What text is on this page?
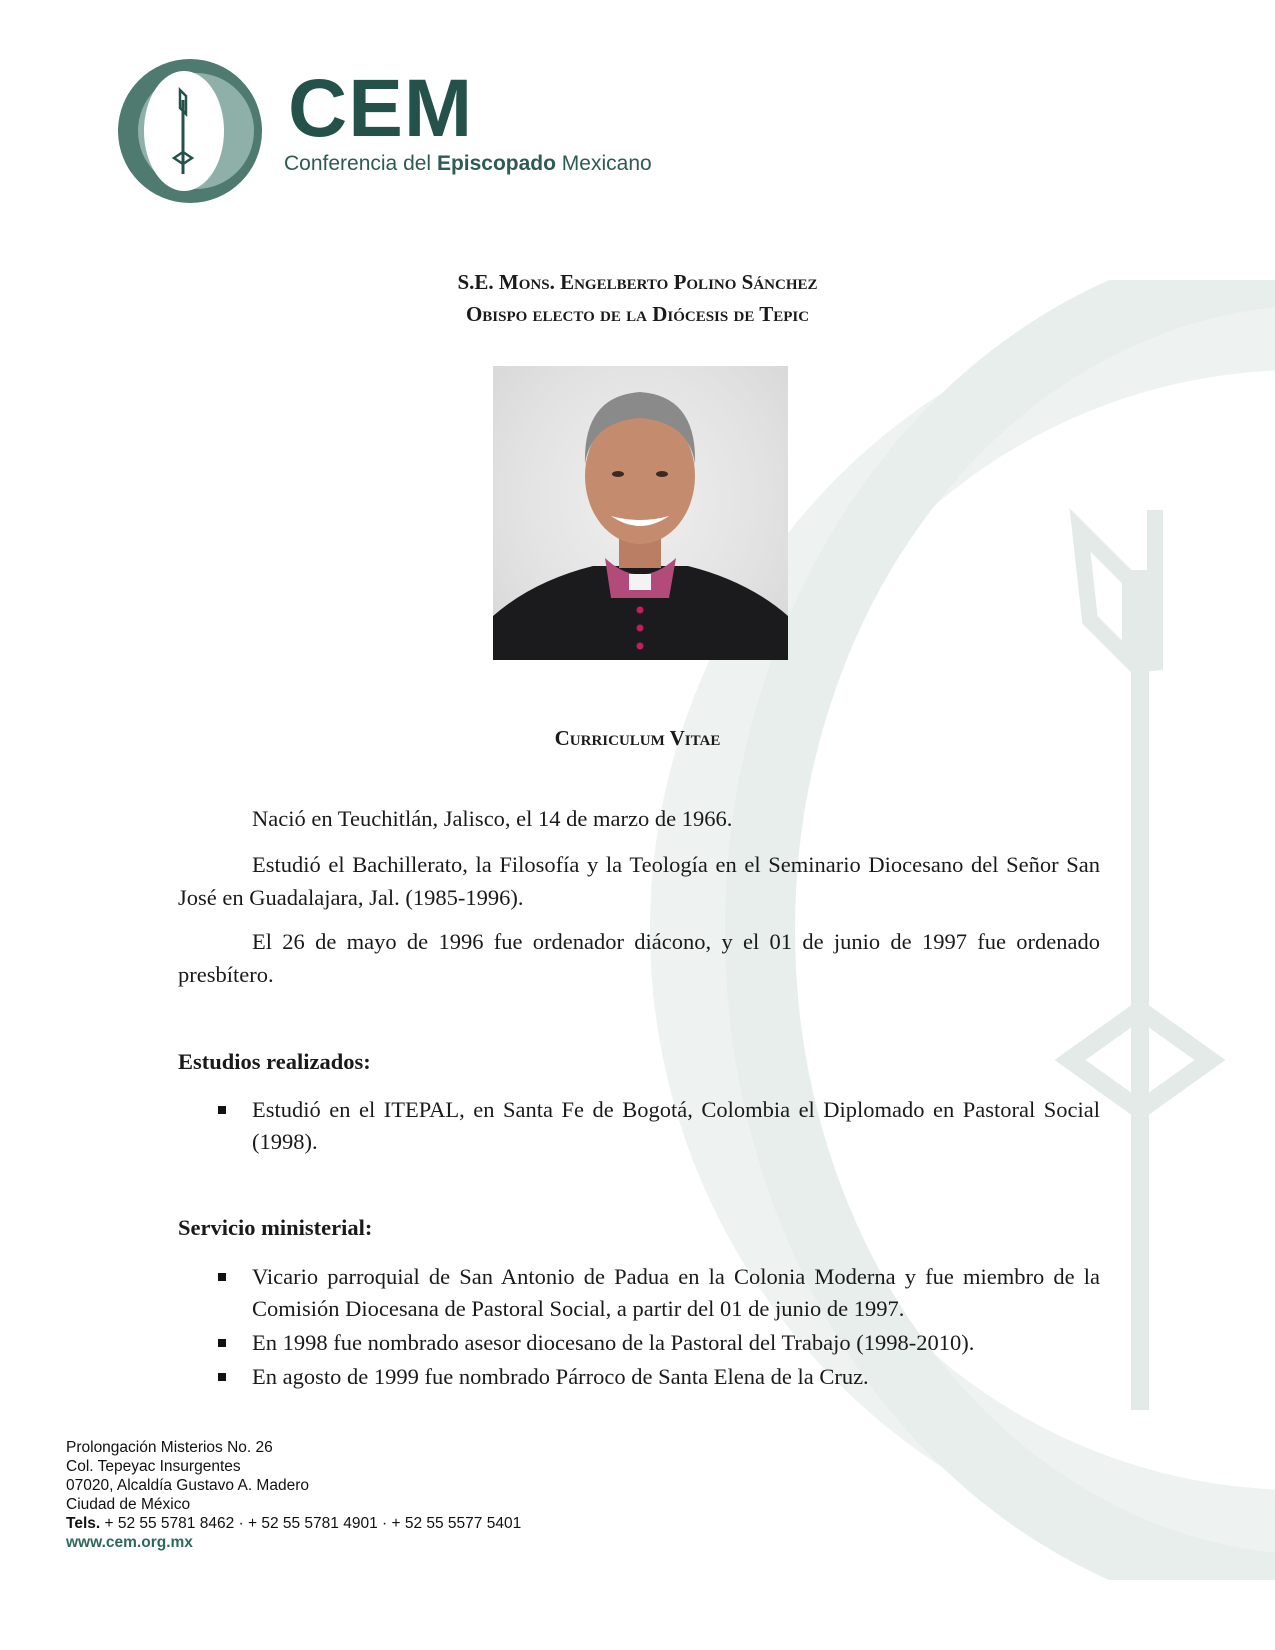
CEM

Conferencia del Episcopado Mexicano

S.E. Mons. Engelberto Polino Sánchez
Obispo electo de la Diócesis de Tepic

Curriculum Vitae

Nació en Teuchitlán, Jalisco, el 14 de marzo de 1966.

Estudió el Bachillerato, la Filosofía y la Teología en el Seminario Diocesano del Señor San José en Guadalajara, Jal. (1985-1996).

El 26 de mayo de 1996 fue ordenador diácono, y el 01 de junio de 1997 fue ordenado presbítero.

Estudios realizados:

Estudió en el ITEPAL, en Santa Fe de Bogotá, Colombia el Diplomado en Pastoral Social (1998).

Servicio ministerial:

Vicario parroquial de San Antonio de Padua en la Colonia Moderna y fue miembro de la Comisión Diocesana de Pastoral Social, a partir del 01 de junio de 1997.
En 1998 fue nombrado asesor diocesano de la Pastoral del Trabajo (1998-2010).
En agosto de 1999 fue nombrado Párroco de Santa Elena de la Cruz.
Prolongación Misterios No. 26
Col. Tepeyac Insurgentes
07020, Alcaldía Gustavo A. Madero
Ciudad de México
Tels. + 52 55 5781 8462 · + 52 55 5781 4901 · + 52 55 5577 5401
www.cem.org.mx
